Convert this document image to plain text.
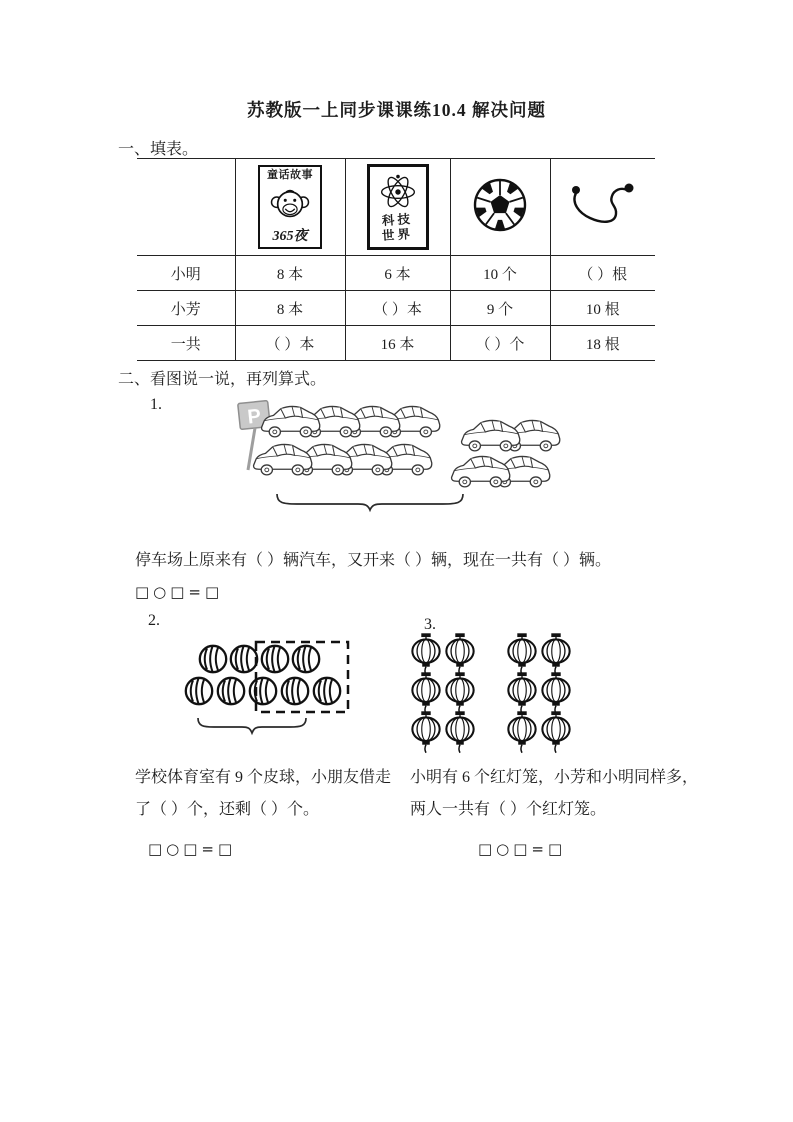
苏教版一上同步课课练10.4 解决问题
一、填表。

童话故事
365夜

科技
世界

小明	8 本	6 本	10 个	（ ）根
小芳	8 本	（ ）本	9 个	10 根
一共	（ ）本	16 本	（ ）个	18 根
二、看图说一说，再列算式。
1.
P
停车场上原来有（ ）辆汽车，又开来（ ）辆，现在一共有（ ）辆。
□○□=□
2.	3.
学校体育室有 9 个皮球，小朋友借走
了（ ）个，还剩（ ）个。
□○□=□
小明有 6 个红灯笼，小芳和小明同样多，
两人一共有（ ）个红灯笼。
□○□=□
